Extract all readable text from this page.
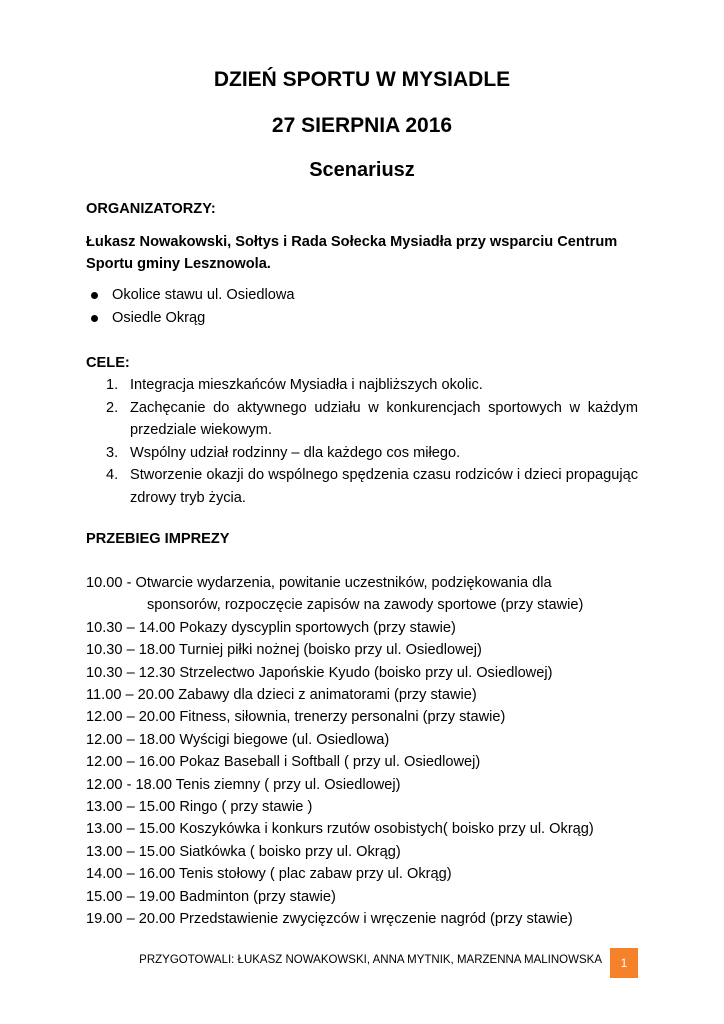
DZIEŃ SPORTU W MYSIADLE
27 SIERPNIA 2016
Scenariusz
ORGANIZATORZY:
Łukasz Nowakowski, Sołtys i Rada Sołecka Mysiadła przy wsparciu Centrum
Sportu gminy Lesznowola.
Okolice stawu ul. Osiedlowa
Osiedle Okrąg
CELE:
1. Integracja mieszkańców Mysiadła i najbliższych okolic.
2. Zachęcanie do aktywnego udziału w konkurencjach sportowych w każdym przedziale wiekowym.
3. Wspólny udział rodzinny – dla każdego cos miłego.
4. Stworzenie okazji do wspólnego spędzenia czasu rodziców i dzieci propagując zdrowy tryb życia.
PRZEBIEG IMPREZY
10.00 - Otwarcie wydarzenia, powitanie uczestników, podziękowania dla
sponsorów, rozpoczęcie zapisów na zawody sportowe (przy stawie)
10.30 – 14.00 Pokazy dyscyplin sportowych (przy stawie)
10.30 – 18.00 Turniej piłki nożnej (boisko przy ul. Osiedlowej)
10.30 – 12.30 Strzelectwo Japońskie Kyudo (boisko przy ul. Osiedlowej)
11.00 – 20.00 Zabawy dla dzieci z animatorami (przy stawie)
12.00 – 20.00 Fitness, siłownia, trenerzy personalni (przy stawie)
12.00 – 18.00 Wyścigi biegowe (ul. Osiedlowa)
12.00 – 16.00 Pokaz Baseball i Softball ( przy ul. Osiedlowej)
12.00 - 18.00 Tenis ziemny ( przy ul. Osiedlowej)
13.00 – 15.00 Ringo ( przy stawie )
13.00 – 15.00 Koszykówka i konkurs rzutów osobistych( boisko przy ul. Okrąg)
13.00 – 15.00 Siatkówka ( boisko przy ul. Okrąg)
14.00 – 16.00 Tenis stołowy ( plac zabaw przy ul. Okrąg)
15.00 – 19.00 Badminton (przy stawie)
19.00 – 20.00 Przedstawienie zwycięzców i wręczenie nagród (przy stawie)
PRZYGOTOWALI: ŁUKASZ NOWAKOWSKI, ANNA MYTNIK, MARZENNA MALINOWSKA	1
